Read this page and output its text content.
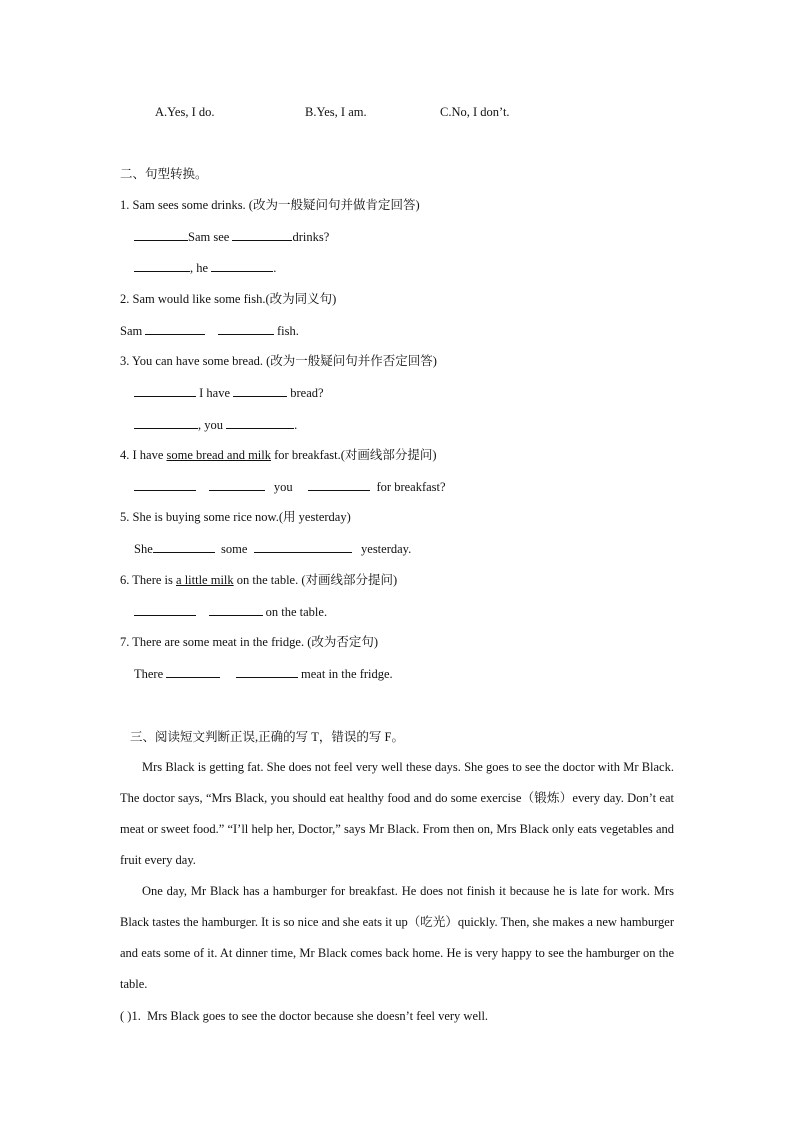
A.Yes, I do.	B.Yes, I am.	C.No, I don’t.
二、句型转换。
1. Sam sees some drinks. (改为一般疑问句并做肯定回答)
Sam see	drinks?
, he	.
2. Sam would like some fish.(改为同义句)
Sam	fish.
3. You can have some bread. (改为一般疑问句并作否定回答)
I have	bread?
, you	.
4. I have some bread and milk for breakfast.(对画线部分提问)
you	for breakfast?
5. She is buying some rice now.(用 yesterday)
She	some	yesterday.
6. There is a little milk on the table. (对画线部分提问)
on the table.
7. There are some meat in the fridge. (改为否定句)
There	meat in the fridge.
三、阅读短文判断正误,正确的写 T，错误的写 F。
Mrs Black is getting fat. She does not feel very well these days. She goes to see the doctor with Mr Black. The doctor says, “Mrs Black, you should eat healthy food and do some exercise（锻炼）every day. Don’t eat meat or sweet food.” “I’ll help her, Doctor,” says Mr Black. From then on, Mrs Black only eats vegetables and fruit every day.
One day, Mr Black has a hamburger for breakfast. He does not finish it because he is late for work. Mrs Black tastes the hamburger. It is so nice and she eats it up（吃光）quickly. Then, she makes a new hamburger and eats some of it. At dinner time, Mr Black comes back home. He is very happy to see the hamburger on the table.
( )1. Mrs Black goes to see the doctor because she doesn’t feel very well.
